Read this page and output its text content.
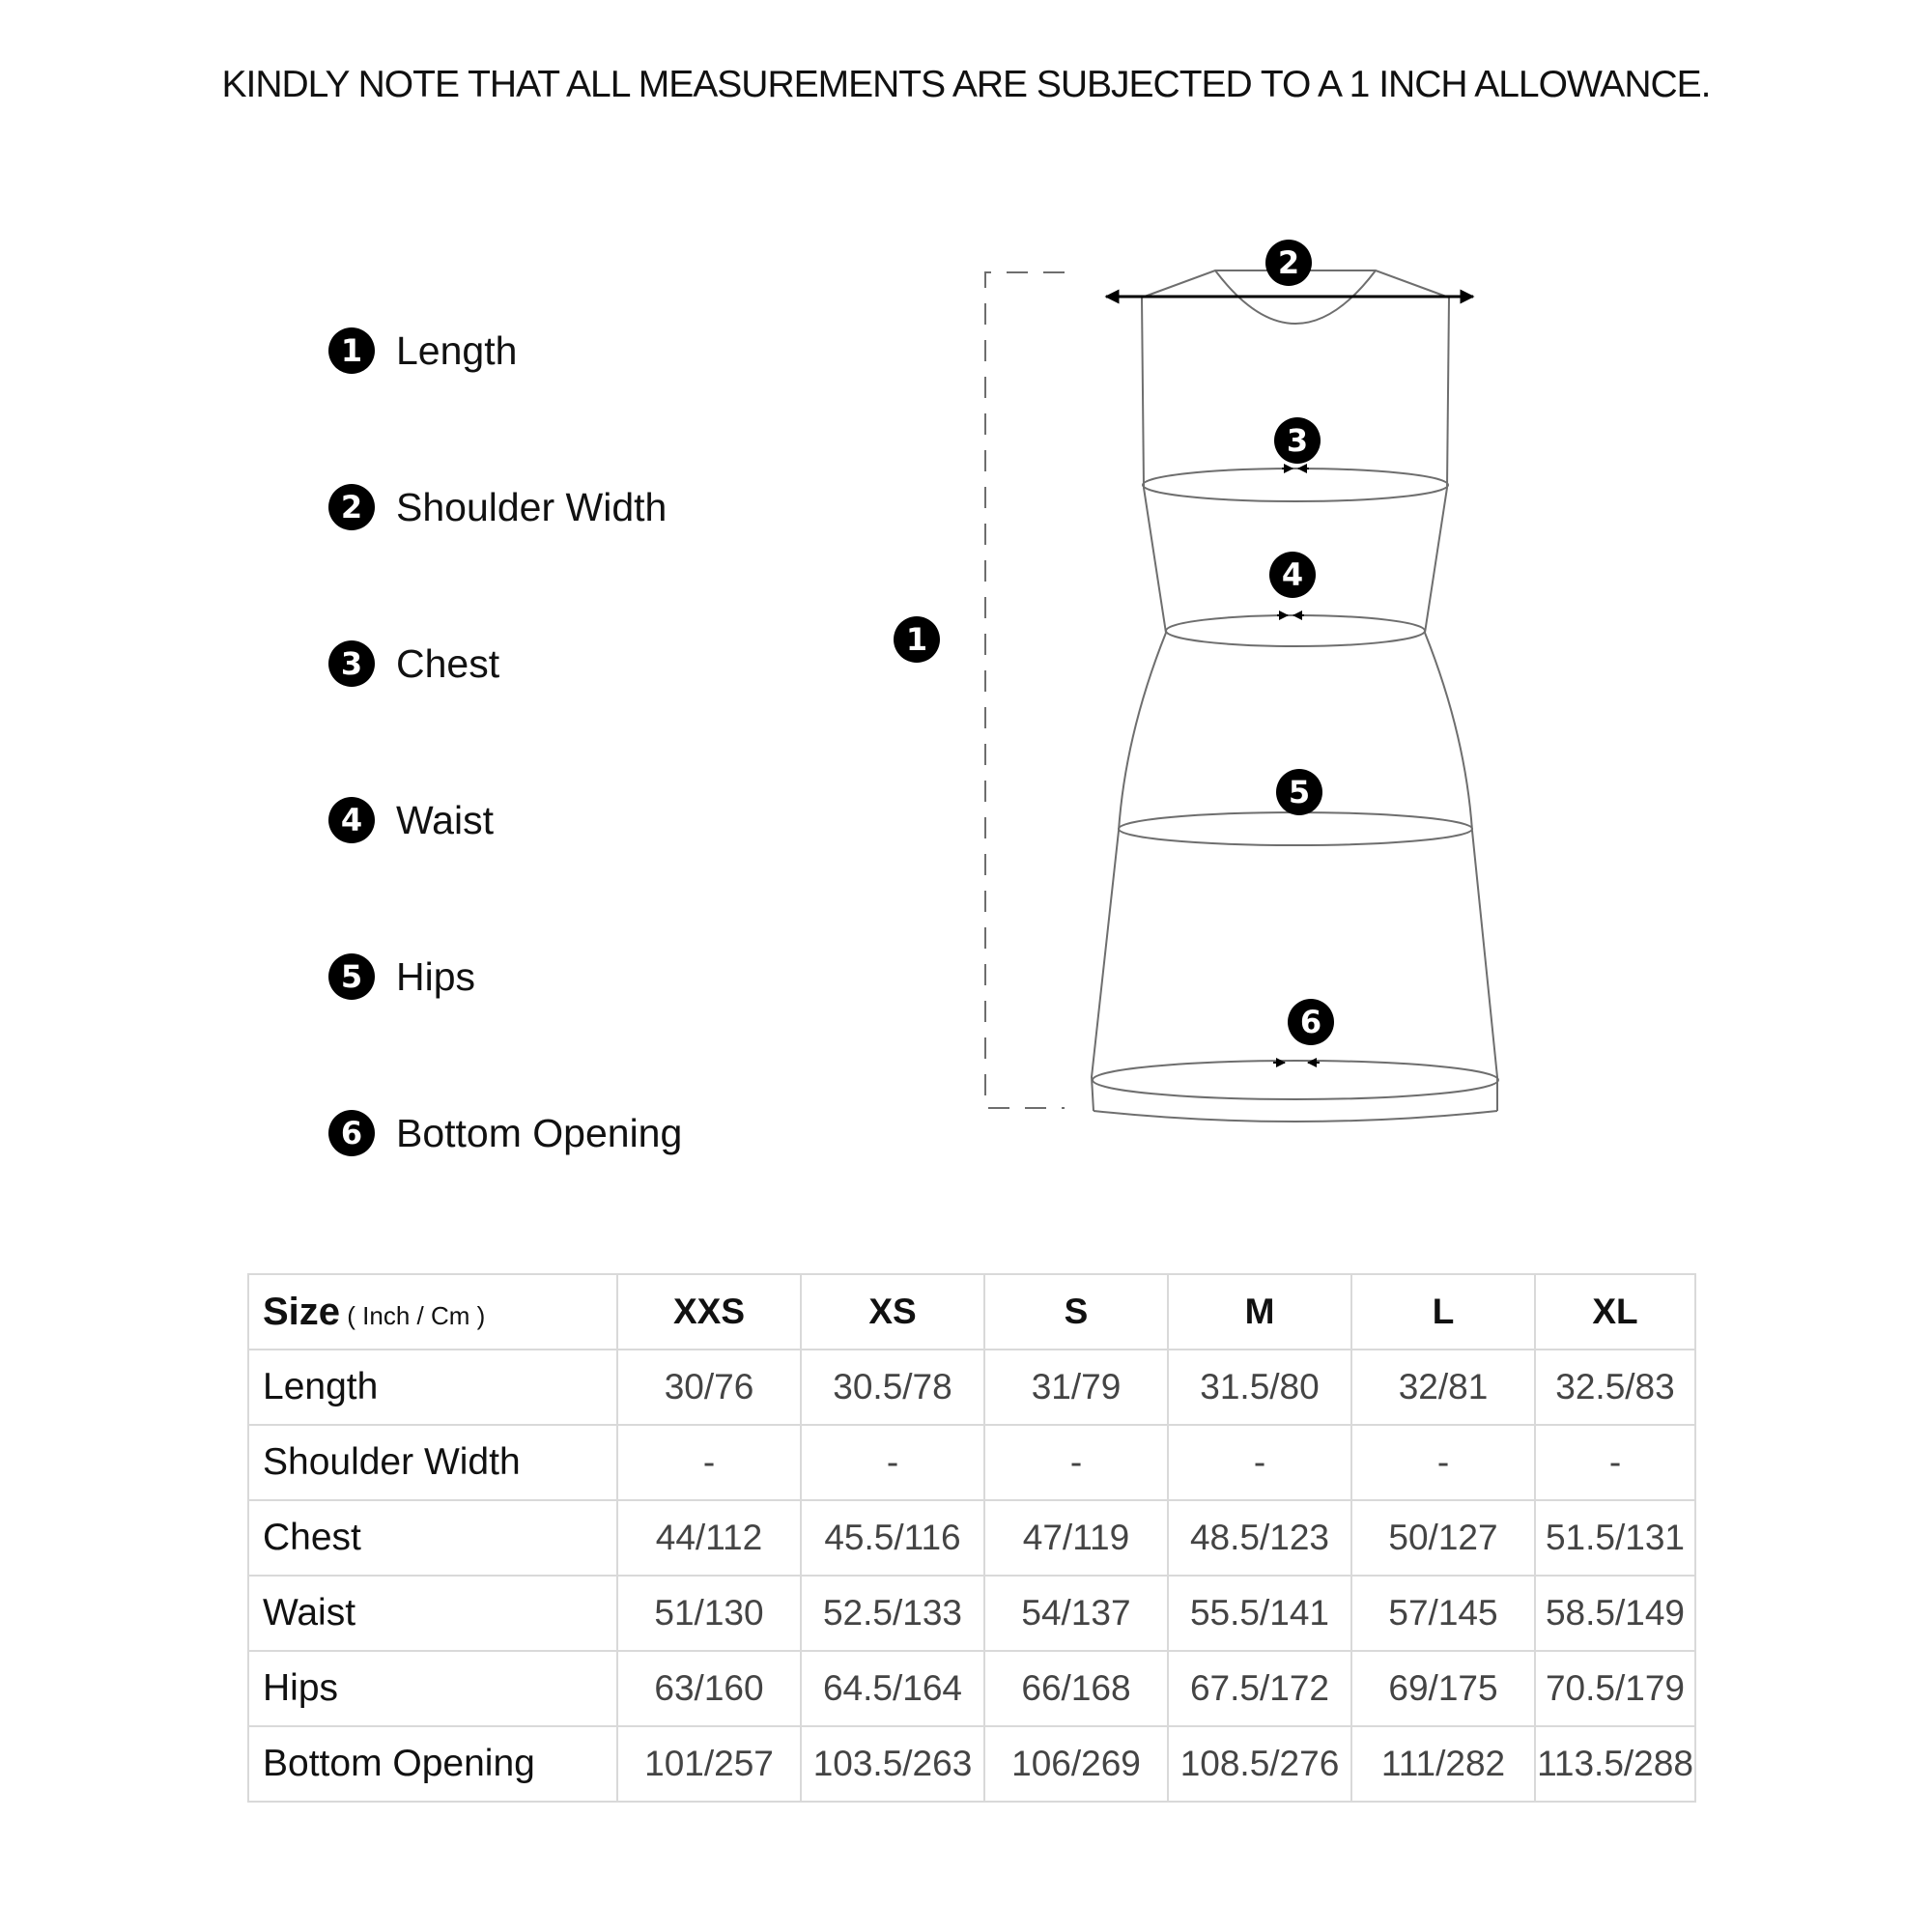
KINDLY NOTE THAT ALL MEASUREMENTS ARE SUBJECTED TO A 1 INCH ALLOWANCE.
1 Length
2 Shoulder Width
3 Chest
4 Waist
5 Hips
6 Bottom Opening
1
2
3
4
5
6
Size ( Inch / Cm )	XXS	XS	S	M	L	XL
Length	30/76	30.5/78	31/79	31.5/80	32/81	32.5/83
Shoulder Width	-	-	-	-	-	-
Chest	44/112	45.5/116	47/119	48.5/123	50/127	51.5/131
Waist	51/130	52.5/133	54/137	55.5/141	57/145	58.5/149
Hips	63/160	64.5/164	66/168	67.5/172	69/175	70.5/179
Bottom Opening	101/257	103.5/263	106/269	108.5/276	111/282	113.5/288
